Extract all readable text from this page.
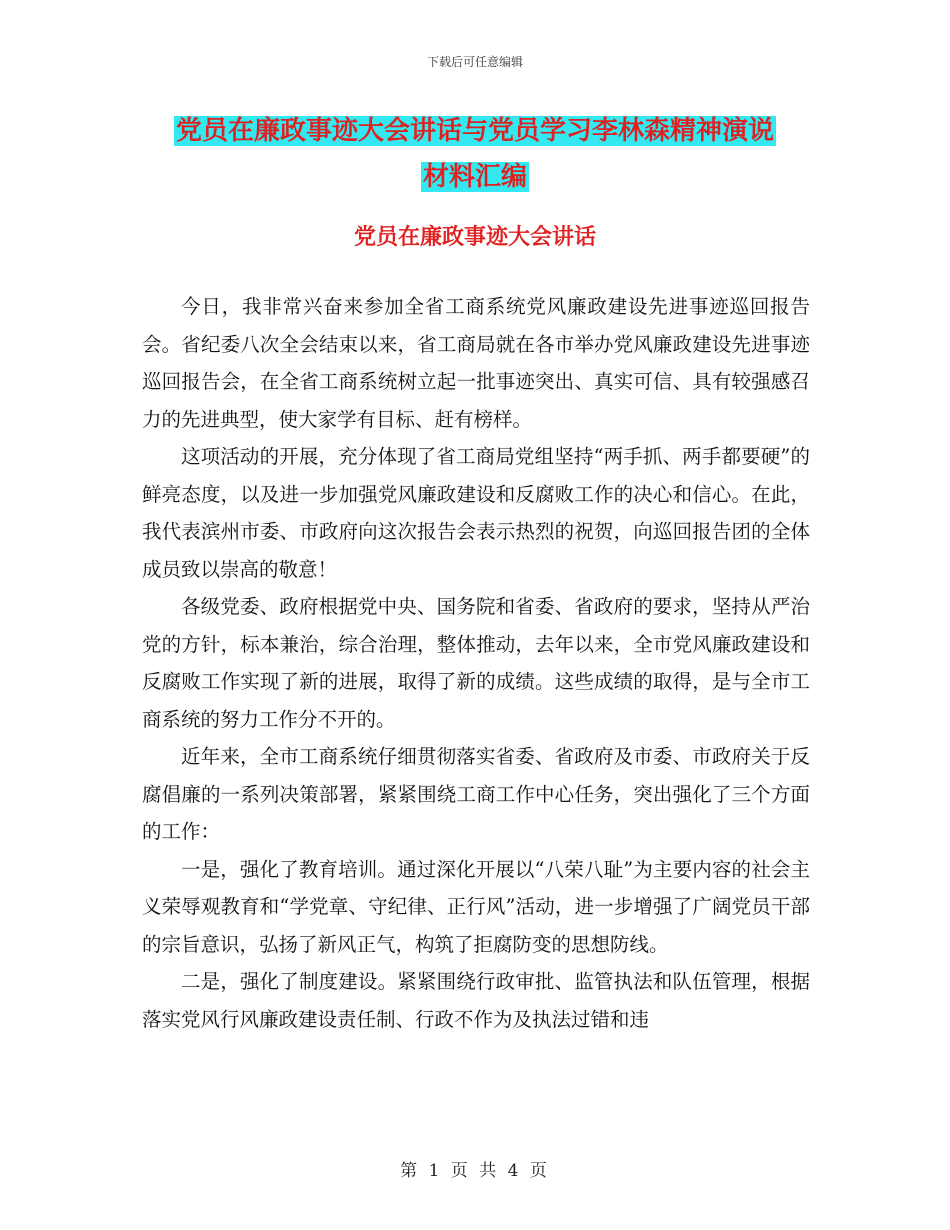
下载后可任意编辑
党员在廉政事迹大会讲话与党员学习李林森精神演说
材料汇编
党员在廉政事迹大会讲话

今日，我非常兴奋来参加全省工商系统党风廉政建设先进事迹巡回报告会。省纪委八次全会结束以来，省工商局就在各市举办党风廉政建设先进事迹巡回报告会，在全省工商系统树立起一批事迹突出、真实可信、具有较强感召力的先进典型，使大家学有目标、赶有榜样。

这项活动的开展，充分体现了省工商局党组坚持“两手抓、两手都要硬”的鲜亮态度，以及进一步加强党风廉政建设和反腐败工作的决心和信心。在此，我代表滨州市委、市政府向这次报告会表示热烈的祝贺，向巡回报告团的全体成员致以崇高的敬意！

各级党委、政府根据党中央、国务院和省委、省政府的要求，坚持从严治党的方针，标本兼治，综合治理，整体推动，去年以来，全市党风廉政建设和反腐败工作实现了新的进展，取得了新的成绩。这些成绩的取得，是与全市工商系统的努力工作分不开的。

近年来，全市工商系统仔细贯彻落实省委、省政府及市委、市政府关于反腐倡廉的一系列决策部署，紧紧围绕工商工作中心任务，突出强化了三个方面的工作：

一是，强化了教育培训。通过深化开展以“八荣八耻”为主要内容的社会主义荣辱观教育和“学党章、守纪律、正行风”活动，进一步增强了广阔党员干部的宗旨意识，弘扬了新风正气，构筑了拒腐防变的思想防线。

二是，强化了制度建设。紧紧围绕行政审批、监管执法和队伍管理，根据落实党风行风廉政建设责任制、行政不作为及执法过错和违

第 1 页 共 4 页
